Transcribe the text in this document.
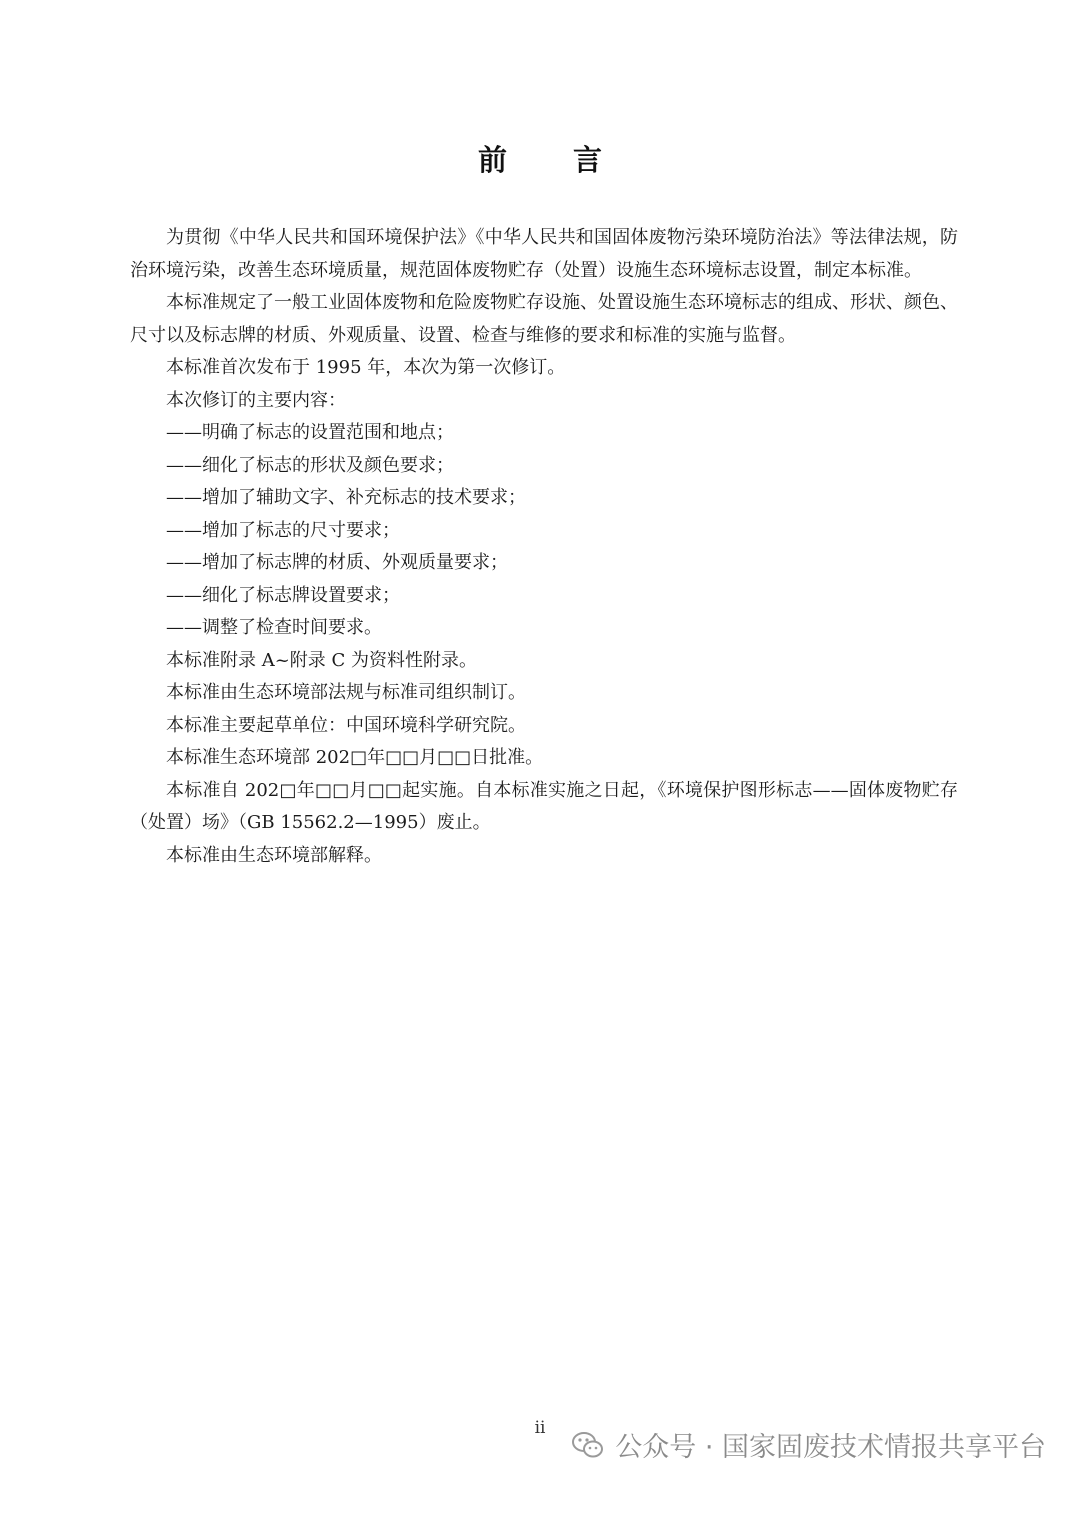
前 言

为贯彻《中华人民共和国环境保护法》《中华人民共和国固体废物污染环境防治法》等法律法规，防治环境污染，改善生态环境质量，规范固体废物贮存（处置）设施生态环境标志设置，制定本标准。

本标准规定了一般工业固体废物和危险废物贮存设施、处置设施生态环境标志的组成、形状、颜色、尺寸以及标志牌的材质、外观质量、设置、检查与维修的要求和标准的实施与监督。

本标准首次发布于 1995 年，本次为第一次修订。

本次修订的主要内容：

——明确了标志的设置范围和地点；

——细化了标志的形状及颜色要求；

——增加了辅助文字、补充标志的技术要求；

——增加了标志的尺寸要求；

——增加了标志牌的材质、外观质量要求；

——细化了标志牌设置要求；

——调整了检查时间要求。

本标准附录 A~附录 C 为资料性附录。

本标准由生态环境部法规与标准司组织制订。

本标准主要起草单位：中国环境科学研究院。

本标准生态环境部 202□年□□月□□日批准。

本标准自 202□年□□月□□起实施。自本标准实施之日起，《环境保护图形标志——固体废物贮存（处置）场》（GB 15562.2—1995）废止。

本标准由生态环境部解释。

ii
公众号 · 国家固废技术情报共享平台
